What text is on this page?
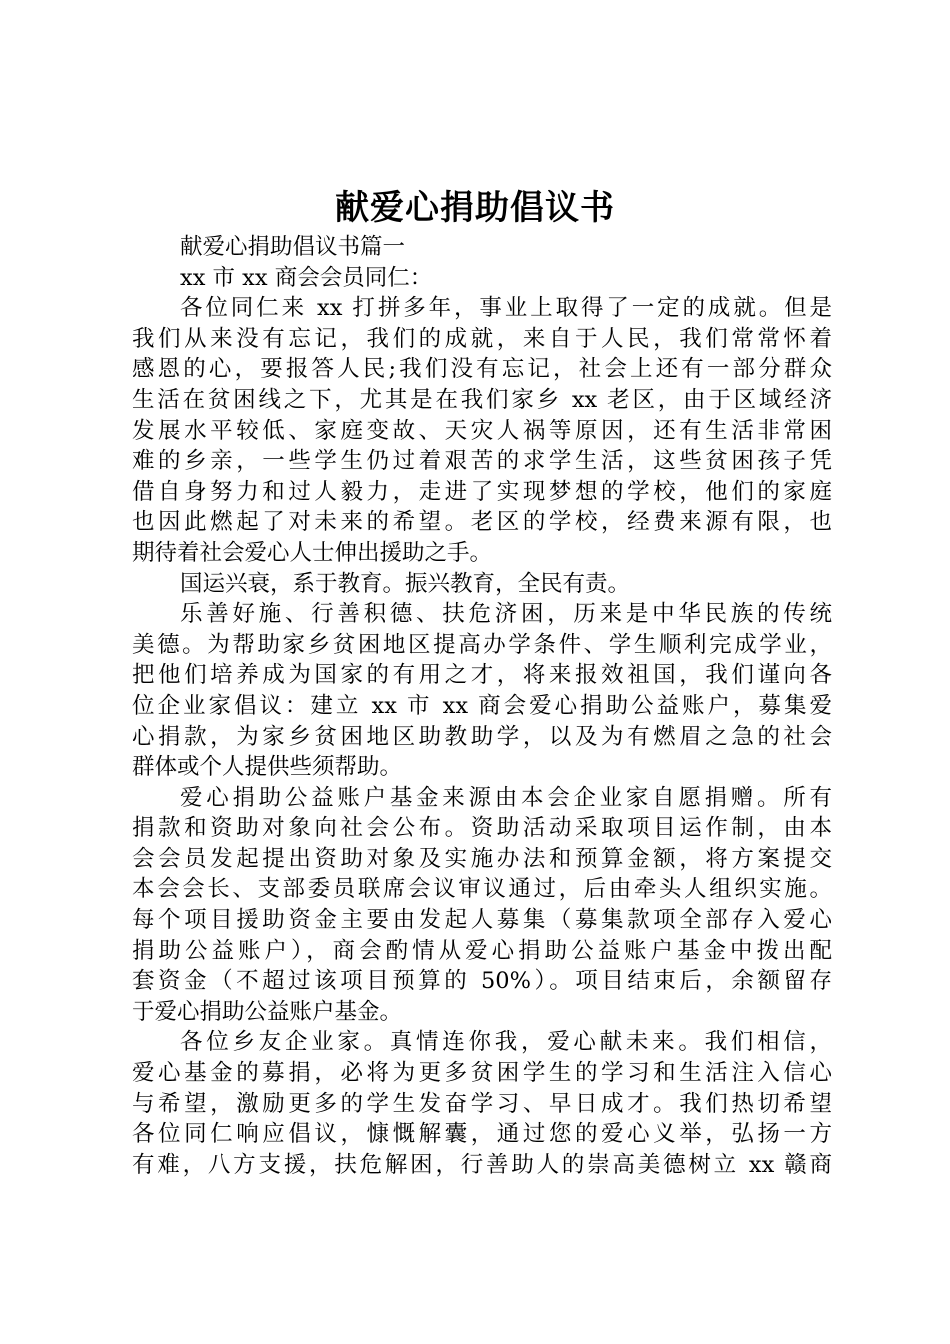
献爱心捐助倡议书
献爱心捐助倡议书篇一
xx 市 xx 商会会员同仁：
各位同仁来 xx 打拼多年，事业上取得了一定的成就。但是
我们从来没有忘记，我们的成就，来自于人民，我们常常怀着
感恩的心，要报答人民;我们没有忘记，社会上还有一部分群众
生活在贫困线之下，尤其是在我们家乡 xx 老区，由于区域经济
发展水平较低、家庭变故、天灾人祸等原因，还有生活非常困
难的乡亲，一些学生仍过着艰苦的求学生活，这些贫困孩子凭
借自身努力和过人毅力，走进了实现梦想的学校，他们的家庭
也因此燃起了对未来的希望。老区的学校，经费来源有限，也
期待着社会爱心人士伸出援助之手。
国运兴衰，系于教育。振兴教育，全民有责。
乐善好施、行善积德、扶危济困，历来是中华民族的传统
美德。为帮助家乡贫困地区提高办学条件、学生顺利完成学业，
把他们培养成为国家的有用之才，将来报效祖国，我们谨向各
位企业家倡议：建立 xx 市 xx 商会爱心捐助公益账户，募集爱
心捐款，为家乡贫困地区助教助学，以及为有燃眉之急的社会
群体或个人提供些须帮助。
爱心捐助公益账户基金来源由本会企业家自愿捐赠。所有
捐款和资助对象向社会公布。资助活动采取项目运作制，由本
会会员发起提出资助对象及实施办法和预算金额，将方案提交
本会会长、支部委员联席会议审议通过，后由牵头人组织实施。
每个项目援助资金主要由发起人募集（募集款项全部存入爱心
捐助公益账户），商会酌情从爱心捐助公益账户基金中拨出配
套资金（不超过该项目预算的 50%）。项目结束后，余额留存
于爱心捐助公益账户基金。
各位乡友企业家。真情连你我，爱心献未来。我们相信，
爱心基金的募捐，必将为更多贫困学生的学习和生活注入信心
与希望，激励更多的学生发奋学习、早日成才。我们热切希望
各位同仁响应倡议，慷慨解囊，通过您的爱心义举，弘扬一方
有难，八方支援，扶危解困，行善助人的崇高美德树立 xx 赣商
